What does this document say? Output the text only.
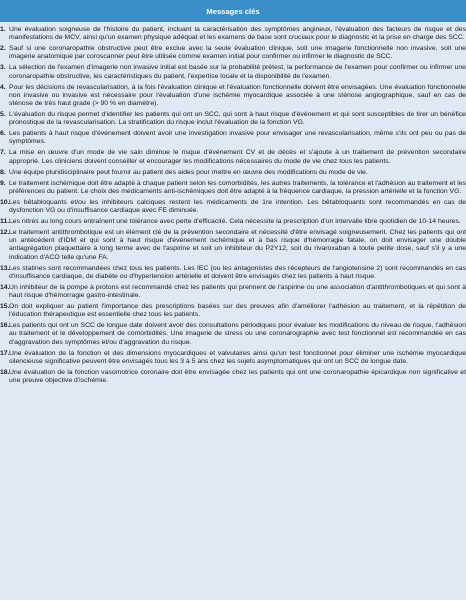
Messages clés
1. Une évaluation soigneuse de l'histoire du patient, incluant la caractérisation des symptômes angineux, l'évaluation des facteurs de risque et des manifestations de MCV, ainsi qu'un examen physique adéquat et les examens de base sont cruciaux pour le diagnostic et la prise en charge des SCC.
2. Sauf si une coronaropathie obstructive peut être exclue avec la seule évaluation clinique, soit une imagerie fonctionnelle non invasive, soit une imagerie anatomique par coroscanner peut être utilisée comme examen initial pour confirmer ou infirmer le diagnostic de SCC.
3. La sélection de l'examen d'imagerie non invasive initial est basée sur la probabilité prétest, la performance de l'examen pour confirmer ou infirmer une coronaropathie obstructive, les caractéristiques du patient, l'expertise locale et la disponibilité de l'examen.
4. Pour les décisions de revascularisation, à la fois l'évaluation clinique et l'évaluation fonctionnelle doivent être envisagées. Une évaluation fonctionnelle non invasive ou invasive est nécessaire pour l'évaluation d'une ischémie myocardique associée à une sténose angiographique, sauf en cas de sténose de très haut grade (> 90 % en diamètre).
5. L'évaluation du risque permet d'identifier les patients qui ont un SCC, qui sont à haut risque d'événement et qui sont susceptibles de tirer un bénéfice pronostique de la revascularisation. La stratification du risque inclut l'évaluation de la fonction VG.
6. Les patients à haut risque d'événement doivent avoir une investigation invasive pour envisager une revascularisation, même s'ils ont peu ou pas de symptômes.
7. La mise en œuvre d'un mode de vie sain diminue le risque d'événement CV et de décès et s'ajoute à un traitement de prévention secondaire approprié. Les cliniciens doivent conseiller et encourager les modifications nécessaires du mode de vie chez tous les patients.
8. Une équipe pluridisciplinaire peut fournir au patient des aides pour mettre en œuvre des modifications du mode de vie.
9. Le traitement ischémique doit être adapté à chaque patient selon les comorbidités, les autres traitements, la tolérance et l'adhésion au traitement et les préférences du patient. Le choix des médicaments anti-ischémiques doit être adapté à la fréquence cardiaque, la pression artérielle et la fonction VG.
10. Les bêtabloquants et/ou les inhibiteurs calciques restent les médicaments de 1re intention. Les bêtabloquants sont recommandés en cas de dysfonction VG ou d'insuffisance cardiaque avec FE diminuée.
11. Les nitrés au long cours entraînent une tolérance avec perte d'efficacité. Cela nécessite la prescription d'un intervalle libre quotidien de 10-14 heures.
12. Le traitement antithrombotique est un élément clé de la prévention secondaire et nécessité d'être envisagé soigneusement. Chez les patients qui ont un antécédent d'IDM et qui sont à haut risque d'événement ischémique et à bas risque d'hémorragie fatale, on doit envisager une double antiagrégation plaquettaire à long terme avec de l'aspirine et soit un inhibiteur du P2Y12, soit du rivaroxaban à toute petite dose, sauf s'il y a une indication d'ACO telle qu'une FA.
13. Les statines sont recommandées chez tous les patients. Les IEC (ou les antagonistes des récepteurs de l'angiotensine 2) sont recommandés en cas d'insuffisance cardiaque, de diabète ou d'hypertension artérielle et doivent être envisagés chez les patients à haut risque.
14. Un inhibiteur de la pompe à protons est recommandé chez les patients qui prennent de l'aspirine ou une association d'antithrombotiques et qui sont à haut risque d'hémorragie gastro-intestinale.
15. On doit expliquer au patient l'importance des prescriptions basées sur des preuves afin d'améliorer l'adhésion au traitement, et la répétition de l'éducation thérapeutique est essentielle chez tous les patients.
16. Les patients qui ont un SCC de longue date doivent avoir des consultations périodiques pour évaluer les modifications du niveau de risque, l'adhésion au traitement et le développement de comorbidités. Une imagerie de stress ou une coronarographie avec test fonctionnel est recommandée en cas d'aggravation des symptômes et/ou d'aggravation du risque.
17. Une évaluation de la fonction et des dimensions myocardiques et valvulaires ainsi qu'un test fonctionnel pour éliminer une ischémie myocardique silencieuse significative peuvent être envisagés tous les 3 à 5 ans chez les sujets asymptomatiques qui ont un SCC de longue date.
18. Une évaluation de la fonction vasomotrice coronaire doit être envisagée chez les patients qui ont une coronaropathie épicardique non significative et une preuve objective d'ischémie.
